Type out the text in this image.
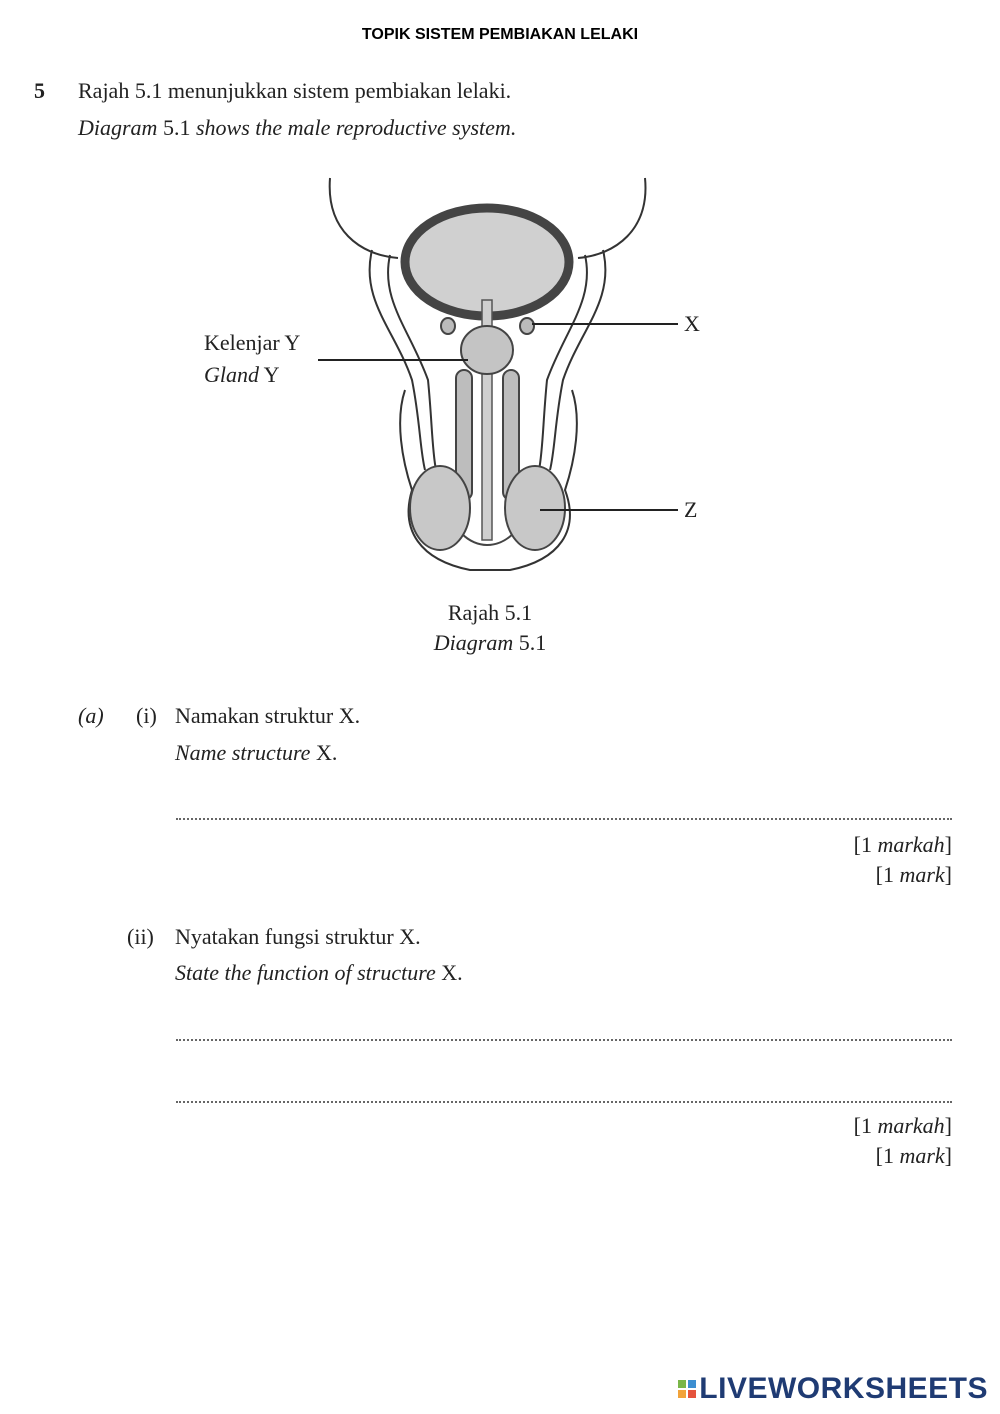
TOPIK SISTEM PEMBIAKAN LELAKI
5 Rajah 5.1 menunjukkan sistem pembiakan lelaki.
Diagram 5.1 shows the male reproductive system.
Kelenjar Y
Gland Y
X
Z
Rajah 5.1
Diagram 5.1
(a) (i) Namakan struktur X.
Name structure X.
[1 markah]
[1 mark]
(ii) Nyatakan fungsi struktur X.
State the function of structure X.
[1 markah]
[1 mark]
LIVEWORKSHEETS
